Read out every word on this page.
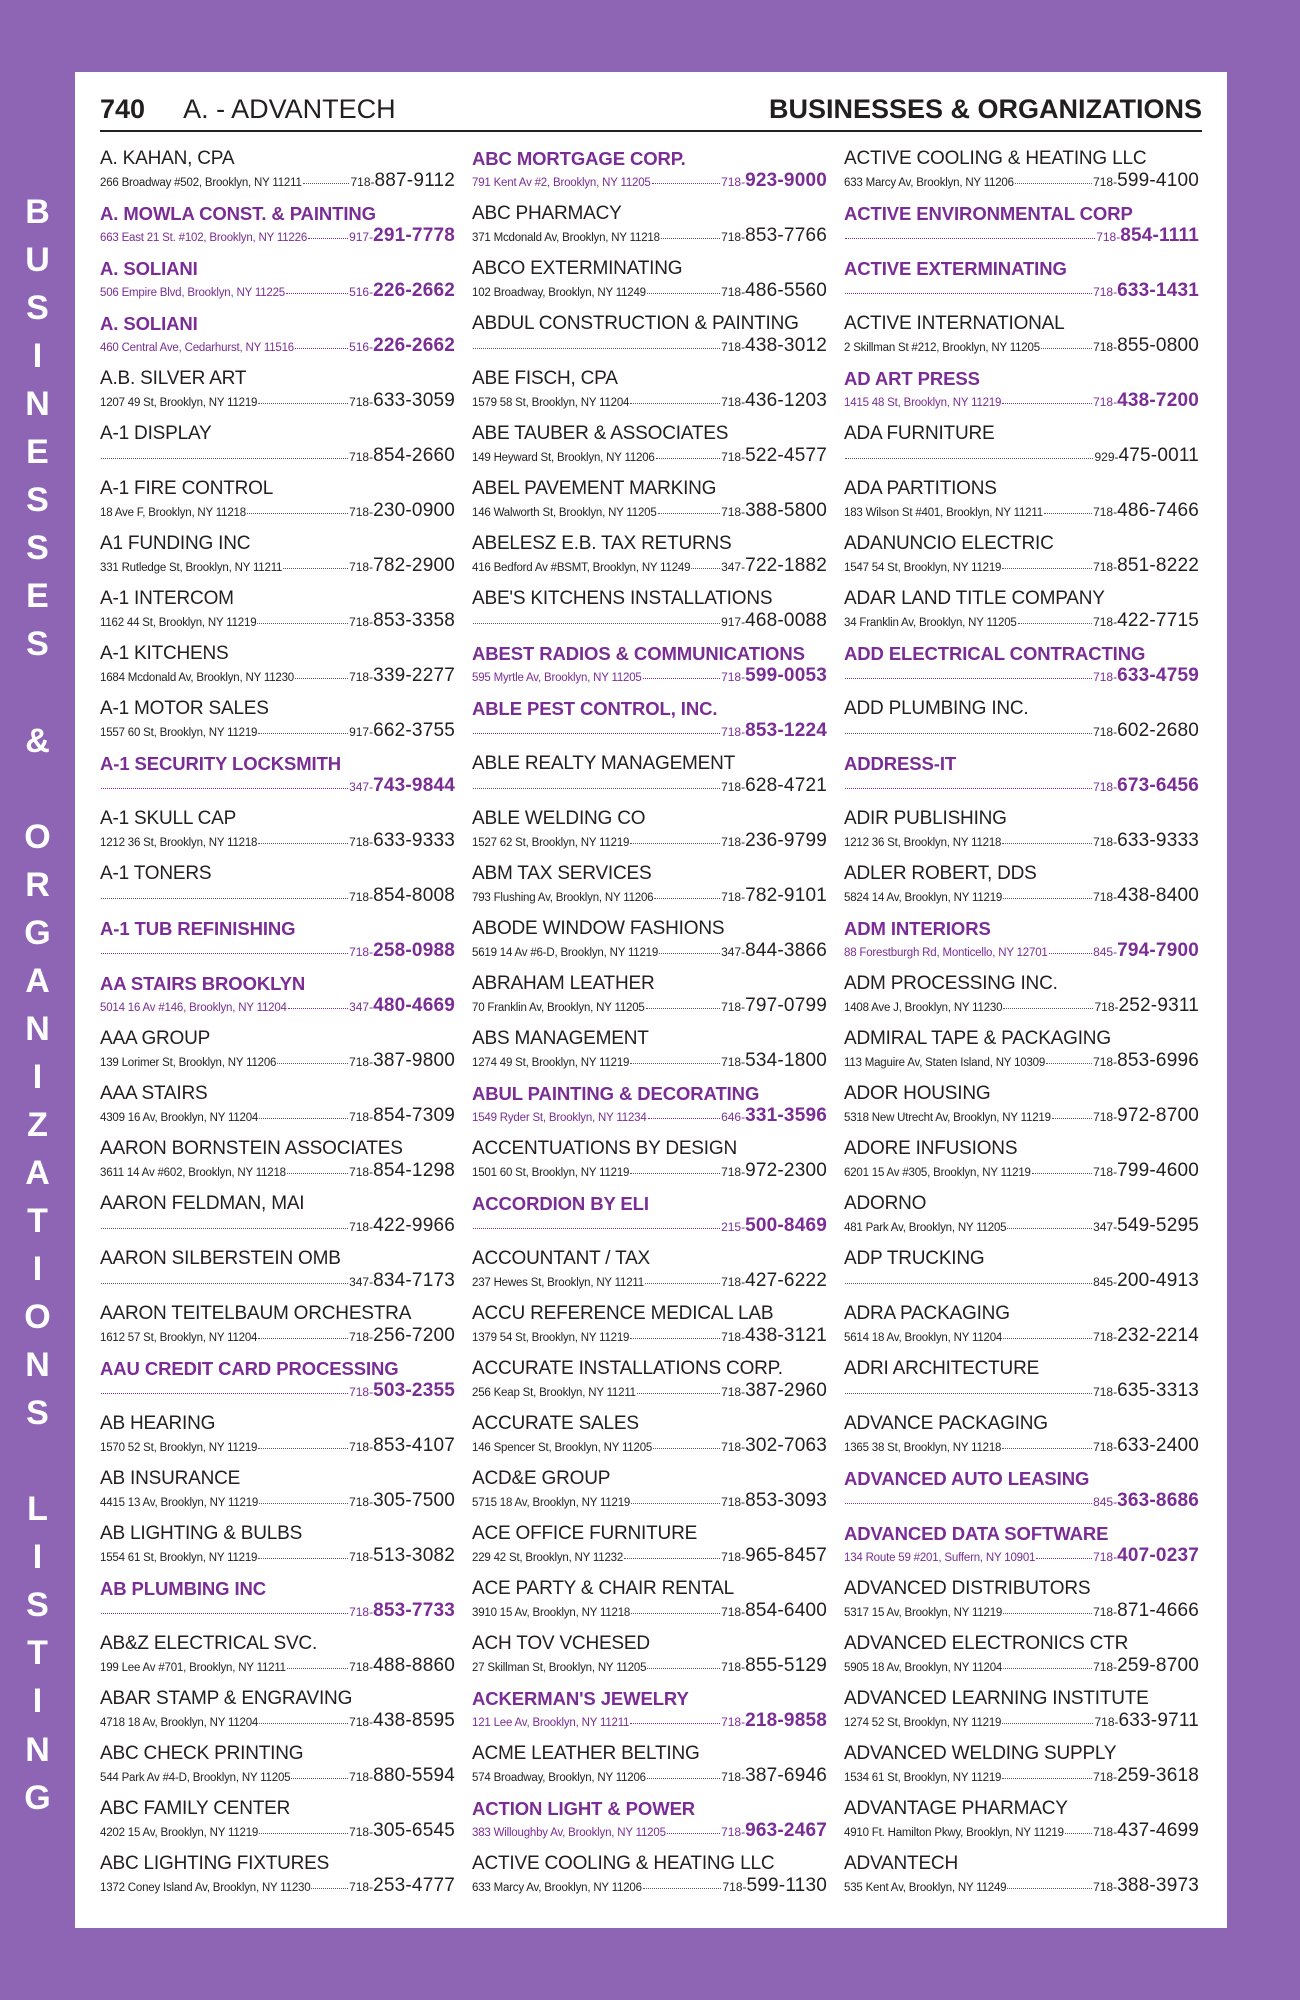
B
U
S
I
N
E
S
S
E
S
&
O
R
G
A
N
I
Z
A
T
I
O
N
S
L
I
S
T
I
N
G
740 A. - ADVANTECH	BUSINESSES & ORGANIZATIONS
A. KAHAN, CPA
266 Broadway #502, Brooklyn, NY 11211	718- 887-9112
A. MOWLA CONST. & PAINTING
663 East 21 St. #102, Brooklyn, NY 11226	917- 291-7778
A. SOLIANI
506 Empire Blvd, Brooklyn, NY 11225	516- 226-2662
A. SOLIANI
460 Central Ave, Cedarhurst, NY 11516	516- 226-2662
A.B. SILVER ART
1207 49 St, Brooklyn, NY 11219	718- 633-3059
A-1 DISPLAY
718- 854-2660
A-1 FIRE CONTROL
18 Ave F, Brooklyn, NY 11218	718- 230-0900
A1 FUNDING INC
331 Rutledge St, Brooklyn, NY 11211	718- 782-2900
A-1 INTERCOM
1162 44 St, Brooklyn, NY 11219	718- 853-3358
A-1 KITCHENS
1684 Mcdonald Av, Brooklyn, NY 11230	718- 339-2277
A-1 MOTOR SALES
1557 60 St, Brooklyn, NY 11219	917- 662-3755
A-1 SECURITY LOCKSMITH
347- 743-9844
A-1 SKULL CAP
1212 36 St, Brooklyn, NY 11218	718- 633-9333
A-1 TONERS
718- 854-8008
A-1 TUB REFINISHING
718- 258-0988
AA STAIRS BROOKLYN
5014 16 Av #146, Brooklyn, NY 11204	347- 480-4669
AAA GROUP
139 Lorimer St, Brooklyn, NY 11206	718- 387-9800
AAA STAIRS
4309 16 Av, Brooklyn, NY 11204	718- 854-7309
AARON BORNSTEIN ASSOCIATES
3611 14 Av #602, Brooklyn, NY 11218	718- 854-1298
AARON FELDMAN, MAI
718- 422-9966
AARON SILBERSTEIN OMB
347- 834-7173
AARON TEITELBAUM ORCHESTRA
1612 57 St, Brooklyn, NY 11204	718- 256-7200
AAU CREDIT CARD PROCESSING
718- 503-2355
AB HEARING
1570 52 St, Brooklyn, NY 11219	718- 853-4107
AB INSURANCE
4415 13 Av, Brooklyn, NY 11219	718- 305-7500
AB LIGHTING & BULBS
1554 61 St, Brooklyn, NY 11219	718- 513-3082
AB PLUMBING INC
718- 853-7733
AB&Z ELECTRICAL SVC.
199 Lee Av #701, Brooklyn, NY 11211	718- 488-8860
ABAR STAMP & ENGRAVING
4718 18 Av, Brooklyn, NY 11204	718- 438-8595
ABC CHECK PRINTING
544 Park Av #4-D, Brooklyn, NY 11205	718- 880-5594
ABC FAMILY CENTER
4202 15 Av, Brooklyn, NY 11219	718- 305-6545
ABC LIGHTING FIXTURES
1372 Coney Island Av, Brooklyn, NY 11230	718- 253-4777
ABC MORTGAGE CORP.
791 Kent Av #2, Brooklyn, NY 11205	718- 923-9000
ABC PHARMACY
371 Mcdonald Av, Brooklyn, NY 11218	718- 853-7766
ABCO EXTERMINATING
102 Broadway, Brooklyn, NY 11249	718- 486-5560
ABDUL CONSTRUCTION & PAINTING
718- 438-3012
ABE FISCH, CPA
1579 58 St, Brooklyn, NY 11204	718- 436-1203
ABE TAUBER & ASSOCIATES
149 Heyward St, Brooklyn, NY 11206	718- 522-4577
ABEL PAVEMENT MARKING
146 Walworth St, Brooklyn, NY 11205	718- 388-5800
ABELESZ E.B. TAX RETURNS
416 Bedford Av #BSMT, Brooklyn, NY 11249	347- 722-1882
ABE'S KITCHENS INSTALLATIONS
917- 468-0088
ABEST RADIOS & COMMUNICATIONS
595 Myrtle Av, Brooklyn, NY 11205	718- 599-0053
ABLE PEST CONTROL, INC.
718- 853-1224
ABLE REALTY MANAGEMENT
718- 628-4721
ABLE WELDING CO
1527 62 St, Brooklyn, NY 11219	718- 236-9799
ABM TAX SERVICES
793 Flushing Av, Brooklyn, NY 11206	718- 782-9101
ABODE WINDOW FASHIONS
5619 14 Av #6-D, Brooklyn, NY 11219	347- 844-3866
ABRAHAM LEATHER
70 Franklin Av, Brooklyn, NY 11205	718- 797-0799
ABS MANAGEMENT
1274 49 St, Brooklyn, NY 11219	718- 534-1800
ABUL PAINTING & DECORATING
1549 Ryder St, Brooklyn, NY 11234	646- 331-3596
ACCENTUATIONS BY DESIGN
1501 60 St, Brooklyn, NY 11219	718- 972-2300
ACCORDION BY ELI
215- 500-8469
ACCOUNTANT / TAX
237 Hewes St, Brooklyn, NY 11211	718- 427-6222
ACCU REFERENCE MEDICAL LAB
1379 54 St, Brooklyn, NY 11219	718- 438-3121
ACCURATE INSTALLATIONS CORP.
256 Keap St, Brooklyn, NY 11211	718- 387-2960
ACCURATE SALES
146 Spencer St, Brooklyn, NY 11205	718- 302-7063
ACD&E GROUP
5715 18 Av, Brooklyn, NY 11219	718- 853-3093
ACE OFFICE FURNITURE
229 42 St, Brooklyn, NY 11232	718- 965-8457
ACE PARTY & CHAIR RENTAL
3910 15 Av, Brooklyn, NY 11218	718- 854-6400
ACH TOV VCHESED
27 Skillman St, Brooklyn, NY 11205	718- 855-5129
ACKERMAN'S JEWELRY
121 Lee Av, Brooklyn, NY 11211	718- 218-9858
ACME LEATHER BELTING
574 Broadway, Brooklyn, NY 11206	718- 387-6946
ACTION LIGHT & POWER
383 Willoughby Av, Brooklyn, NY 11205	718- 963-2467
ACTIVE COOLING & HEATING LLC
633 Marcy Av, Brooklyn, NY 11206	718- 599-1130
ACTIVE COOLING & HEATING LLC
633 Marcy Av, Brooklyn, NY 11206	718- 599-4100
ACTIVE ENVIRONMENTAL CORP
718- 854-1111
ACTIVE EXTERMINATING
718- 633-1431
ACTIVE INTERNATIONAL
2 Skillman St #212, Brooklyn, NY 11205	718- 855-0800
AD ART PRESS
1415 48 St, Brooklyn, NY 11219	718- 438-7200
ADA FURNITURE
929- 475-0011
ADA PARTITIONS
183 Wilson St #401, Brooklyn, NY 11211	718- 486-7466
ADANUNCIO ELECTRIC
1547 54 St, Brooklyn, NY 11219	718- 851-8222
ADAR LAND TITLE COMPANY
34 Franklin Av, Brooklyn, NY 11205	718- 422-7715
ADD ELECTRICAL CONTRACTING
718- 633-4759
ADD PLUMBING INC.
718- 602-2680
ADDRESS-IT
718- 673-6456
ADIR PUBLISHING
1212 36 St, Brooklyn, NY 11218	718- 633-9333
ADLER ROBERT, DDS
5824 14 Av, Brooklyn, NY 11219	718- 438-8400
ADM INTERIORS
88 Forestburgh Rd, Monticello, NY 12701	845- 794-7900
ADM PROCESSING INC.
1408 Ave J, Brooklyn, NY 11230	718- 252-9311
ADMIRAL TAPE & PACKAGING
113 Maguire Av, Staten Island, NY 10309	718- 853-6996
ADOR HOUSING
5318 New Utrecht Av, Brooklyn, NY 11219	718- 972-8700
ADORE INFUSIONS
6201 15 Av #305, Brooklyn, NY 11219	718- 799-4600
ADORNO
481 Park Av, Brooklyn, NY 11205	347- 549-5295
ADP TRUCKING
845- 200-4913
ADRA PACKAGING
5614 18 Av, Brooklyn, NY 11204	718- 232-2214
ADRI ARCHITECTURE
718- 635-3313
ADVANCE PACKAGING
1365 38 St, Brooklyn, NY 11218	718- 633-2400
ADVANCED AUTO LEASING
845- 363-8686
ADVANCED DATA SOFTWARE
134 Route 59 #201, Suffern, NY 10901	718- 407-0237
ADVANCED DISTRIBUTORS
5317 15 Av, Brooklyn, NY 11219	718- 871-4666
ADVANCED ELECTRONICS CTR
5905 18 Av, Brooklyn, NY 11204	718- 259-8700
ADVANCED LEARNING INSTITUTE
1274 52 St, Brooklyn, NY 11219	718- 633-9711
ADVANCED WELDING SUPPLY
1534 61 St, Brooklyn, NY 11219	718- 259-3618
ADVANTAGE PHARMACY
4910 Ft. Hamilton Pkwy, Brooklyn, NY 11219 718- 437-4699
ADVANTECH
535 Kent Av, Brooklyn, NY 11249	718- 388-3973
